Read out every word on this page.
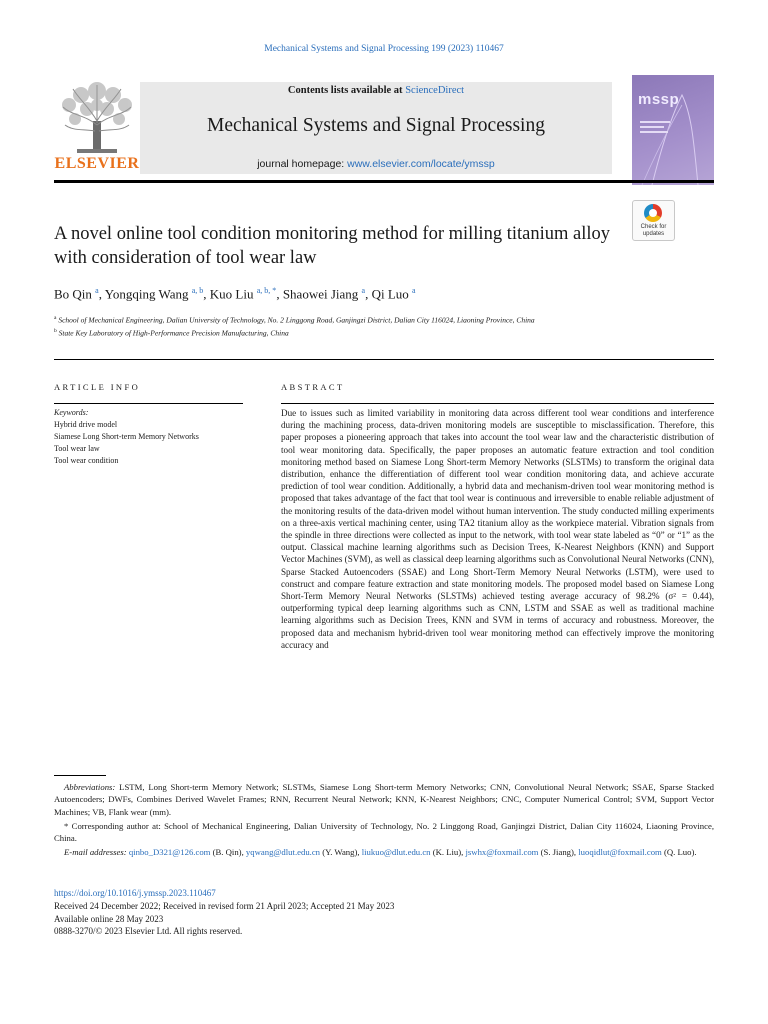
Mechanical Systems and Signal Processing 199 (2023) 110467
ELSEVIER
Contents lists available at ScienceDirect
Mechanical Systems and Signal Processing
journal homepage: www.elsevier.com/locate/ymssp
mssp
A novel online tool condition monitoring method for milling titanium alloy with consideration of tool wear law
Check for updates
Bo Qin $^a$, Yongqing Wang $^{a, b}$, Kuo Liu $^{a, b, *}$, Shaowei Jiang $^a$, Qi Luo $^a$
$^a$ School of Mechanical Engineering, Dalian University of Technology, No. 2 Linggong Road, Ganjingzi District, Dalian City 116024, Liaoning Province, China
$^b$ State Key Laboratory of High-Performance Precision Manufacturing, China
ARTICLE INFO
Keywords:
Hybrid drive model
Siamese Long Short-term Memory Networks
Tool wear law
Tool wear condition
ABSTRACT
Due to issues such as limited variability in monitoring data across different tool wear conditions and interference during the machining process, data-driven monitoring models are susceptible to misclassification. Therefore, this paper proposes a pioneering approach that takes into account the tool wear law and the characteristic distribution of tool wear monitoring data. Specifically, the paper proposes an automatic feature extraction and tool condition monitoring method based on Siamese Long Short-term Memory Networks (SLSTMs) to transform the original data distribution, enhance the differentiation of different tool wear condition monitoring data, and achieve accurate prediction of tool wear condition. Additionally, a hybrid data and mechanism-driven tool wear monitoring method is proposed that takes advantage of the fact that tool wear is continuous and irreversible to enable reliable adjustment of the monitoring results of the data-driven model without human intervention. The study conducted milling experiments on a three-axis vertical machining center, using TA2 titanium alloy as the workpiece material. Vibration signals from the spindle in three directions were collected as input to the network, with tool wear state labeled as “0” or “1” as the output. Classical machine learning algorithms such as Decision Trees, K-Nearest Neighbors (KNN) and Support Vector Machines (SVM), as well as classical deep learning algorithms such as Convolutional Neural Networks (CNN), Sparse Stacked Autoencoders (SSAE) and Long Short-Term Memory Neural Networks (LSTM), were used to construct and compare feature extraction and state monitoring models. The proposed model based on Siamese Long Short-Term Memory Neural Networks (SLSTMs) achieved testing average accuracy of 98.2% (σ² = 0.44), outperforming typical deep learning algorithms such as CNN, LSTM and SSAE as well as traditional machine learning algorithms such as Decision Trees, KNN and SVM in terms of accuracy and robustness. Moreover, the proposed data and mechanism hybrid-driven tool wear monitoring method can effectively improve the monitoring accuracy and

Abbreviations: LSTM, Long Short-term Memory Network; SLSTMs, Siamese Long Short-term Memory Networks; CNN, Convolutional Neural Network; SSAE, Sparse Stacked Autoencoders; DWFs, Combines Derived Wavelet Frames; RNN, Recurrent Neural Network; KNN, K-Nearest Neighbors; CNC, Computer Numerical Control; SVM, Support Vector Machines; VB, Flank wear (mm).

* Corresponding author at: School of Mechanical Engineering, Dalian University of Technology, No. 2 Linggong Road, Ganjingzi District, Dalian City 116024, Liaoning Province, China.

E-mail addresses: qinbo_D321@126.com (B. Qin), yqwang@dlut.edu.cn (Y. Wang), liukuo@dlut.edu.cn (K. Liu), jswhx@foxmail.com (S. Jiang), luoqidlut@foxmail.com (Q. Luo).

https://doi.org/10.1016/j.ymssp.2023.110467
Received 24 December 2022; Received in revised form 21 April 2023; Accepted 21 May 2023
Available online 28 May 2023
0888-3270/© 2023 Elsevier Ltd. All rights reserved.
